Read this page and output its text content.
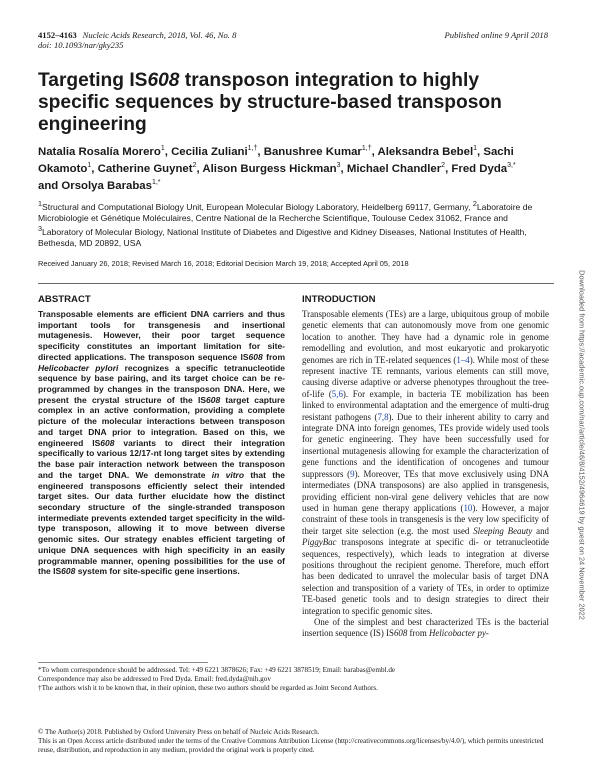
4152–4163 Nucleic Acids Research, 2018, Vol. 46, No. 8	Published online 9 April 2018
doi: 10.1093/nar/gky235
Targeting IS608 transposon integration to highly specific sequences by structure-based transposon engineering
Natalia Rosalía Morero$^1$, Cecilia Zuliani$^{1,\dagger}$, Banushree Kumar$^{1,\dagger}$, Aleksandra Bebel$^1$, Sachi Okamoto$^1$, Catherine Guynet$^2$, Alison Burgess Hickman$^3$, Michael Chandler$^2$, Fred Dyda$^{3,*}$ and Orsolya Barabas$^{1,*}$
$^1$Structural and Computational Biology Unit, European Molecular Biology Laboratory, Heidelberg 69117, Germany, $^2$Laboratoire de Microbiologie et Génétique Moléculaires, Centre National de la Recherche Scientifique, Toulouse Cedex 31062, France and $^3$Laboratory of Molecular Biology, National Institute of Diabetes and Digestive and Kidney Diseases, National Institutes of Health, Bethesda, MD 20892, USA
Received January 26, 2018; Revised March 16, 2018; Editorial Decision March 19, 2018; Accepted April 05, 2018
ABSTRACT
Transposable elements are efficient DNA carriers and thus important tools for transgenesis and insertional mutagenesis. However, their poor target sequence specificity constitutes an important limitation for site-directed applications. The transposon sequence IS608 from Helicobacter pylori recognizes a specific tetranucleotide sequence by base pairing, and its target choice can be re-programmed by changes in the transposon DNA. Here, we present the crystal structure of the IS608 target capture complex in an active conformation, providing a complete picture of the molecular interactions between transposon and target DNA prior to integration. Based on this, we engineered IS608 variants to direct their integration specifically to various 12/17-nt long target sites by extending the base pair interaction network between the transposon and the target DNA. We demonstrate in vitro that the engineered transposons efficiently select their intended target sites. Our data further elucidate how the distinct secondary structure of the single-stranded transposon intermediate prevents extended target specificity in the wild-type transposon, allowing it to move between diverse genomic sites. Our strategy enables efficient targeting of unique DNA sequences with high specificity in an easily programmable manner, opening possibilities for the use of the IS608 system for site-specific gene insertions.
INTRODUCTION

Transposable elements (TEs) are a large, ubiquitous group of mobile genetic elements that can autonomously move from one genomic location to another. They have had a dynamic role in genome remodelling and evolution, and most eukaryotic and prokaryotic genomes are rich in TE-related sequences (1–4). While most of these represent inactive TE remnants, various elements can still move, causing diverse adaptive or adverse phenotypes throughout the tree-of-life (5,6). For example, in bacteria TE mobilization has been linked to environmental adaptation and the emergence of multi-drug resistant pathogens (7,8). Due to their inherent ability to carry and integrate DNA into foreign genomes, TEs provide widely used tools for genetic engineering. They have been successfully used for insertional mutagenesis allowing for example the characterization of gene functions and the identification of oncogenes and tumour suppressors (9). Moreover, TEs that move exclusively using DNA intermediates (DNA transposons) are also applied in transgenesis, providing efficient non-viral gene delivery vehicles that are now used in human gene therapy applications (10). However, a major constraint of these tools in transgenesis is the very low specificity of their target site selection (e.g. the most used Sleeping Beauty and PiggyBac transposons integrate at specific di- or tetranucleotide sequences, respectively), which leads to integration at diverse positions throughout the recipient genome. Therefore, much effort has been dedicated to unravel the molecular basis of target DNA selection and transposition of a variety of TEs, in order to optimize TE-based genetic tools and to design strategies to direct their integration to specific genomic sites.

One of the simplest and best characterized TEs is the bacterial insertion sequence (IS) IS608 from Helicobacter py-

*To whom correspondence should be addressed. Tel: +49 6221 3878626; Fax: +49 6221 3878519; Email: barabas@embl.de

Correspondence may also be addressed to Fred Dyda. Email: fred.dyda@nih.gov

†The authors wish it to be known that, in their opinion, these two authors should be regarded as Joint Second Authors.

© The Author(s) 2018. Published by Oxford University Press on behalf of Nucleic Acids Research.

This is an Open Access article distributed under the terms of the Creative Commons Attribution License (http://creativecommons.org/licenses/by/4.0/), which permits unrestricted reuse, distribution, and reproduction in any medium, provided the original work is properly cited.

Downloaded from https://academic.oup.com/nar/article/46/8/4152/4964619 by guest on 24 November 2022
